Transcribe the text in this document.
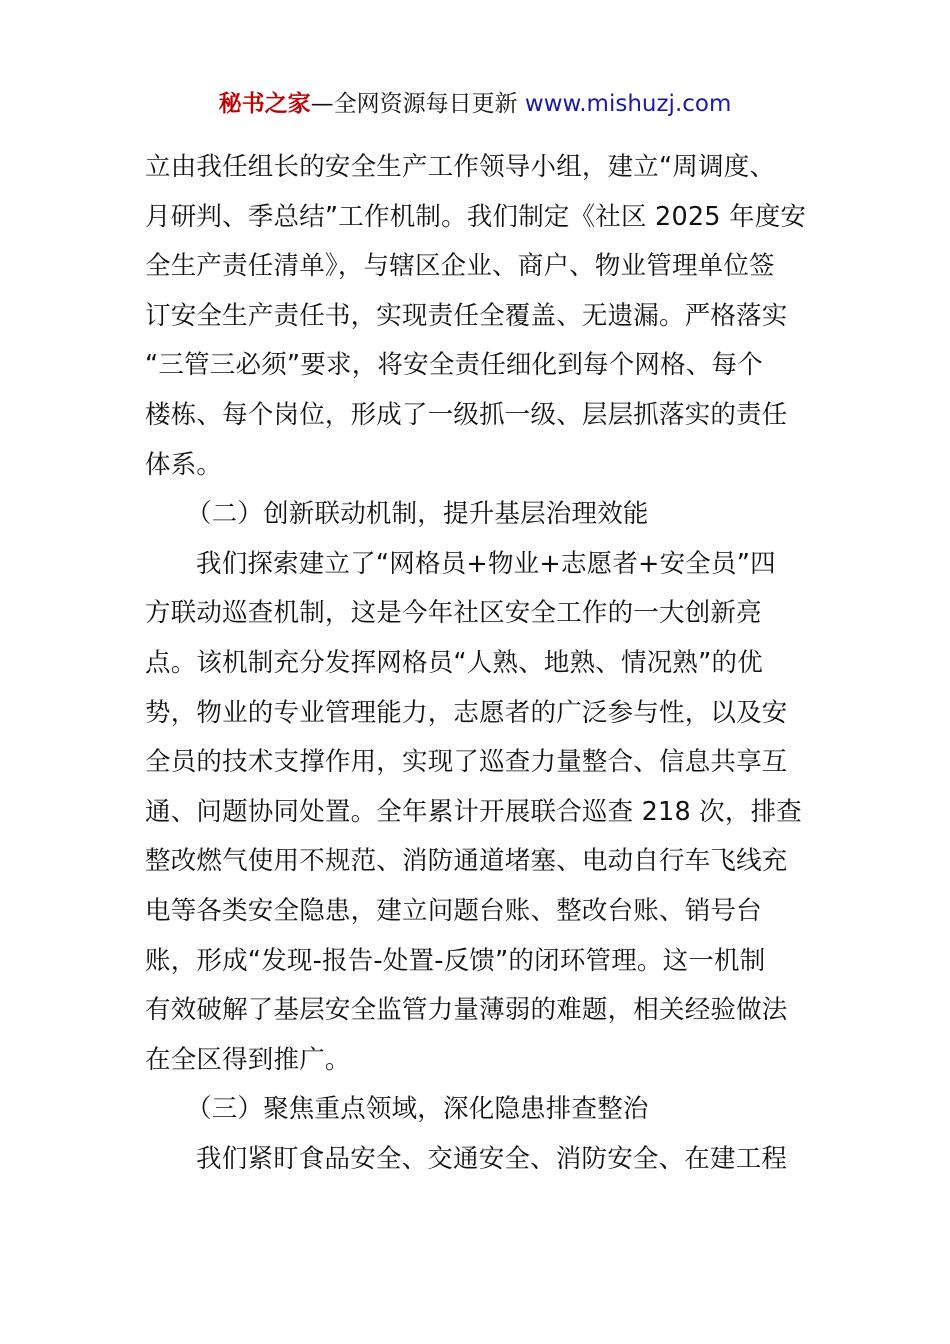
秘书之家—全网资源每日更新 www.mishuzj.com
立由我任组长的安全生产工作领导小组，建立“周调度、
月研判、季总结”工作机制。我们制定《社区 2025 年度安
全生产责任清单》，与辖区企业、商户、物业管理单位签
订安全生产责任书，实现责任全覆盖、无遗漏。严格落实
“三管三必须”要求，将安全责任细化到每个网格、每个
楼栋、每个岗位，形成了一级抓一级、层层抓落实的责任
体系。
（二）创新联动机制，提升基层治理效能
我们探索建立了“网格员+物业+志愿者+安全员”四
方联动巡查机制，这是今年社区安全工作的一大创新亮
点。该机制充分发挥网格员“人熟、地熟、情况熟”的优
势，物业的专业管理能力，志愿者的广泛参与性，以及安
全员的技术支撑作用，实现了巡查力量整合、信息共享互
通、问题协同处置。全年累计开展联合巡查 218 次，排查
整改燃气使用不规范、消防通道堵塞、电动自行车飞线充
电等各类安全隐患，建立问题台账、整改台账、销号台
账，形成“发现-报告-处置-反馈”的闭环管理。这一机制
有效破解了基层安全监管力量薄弱的难题，相关经验做法
在全区得到推广。
（三）聚焦重点领域，深化隐患排查整治
我们紧盯食品安全、交通安全、消防安全、在建工程
